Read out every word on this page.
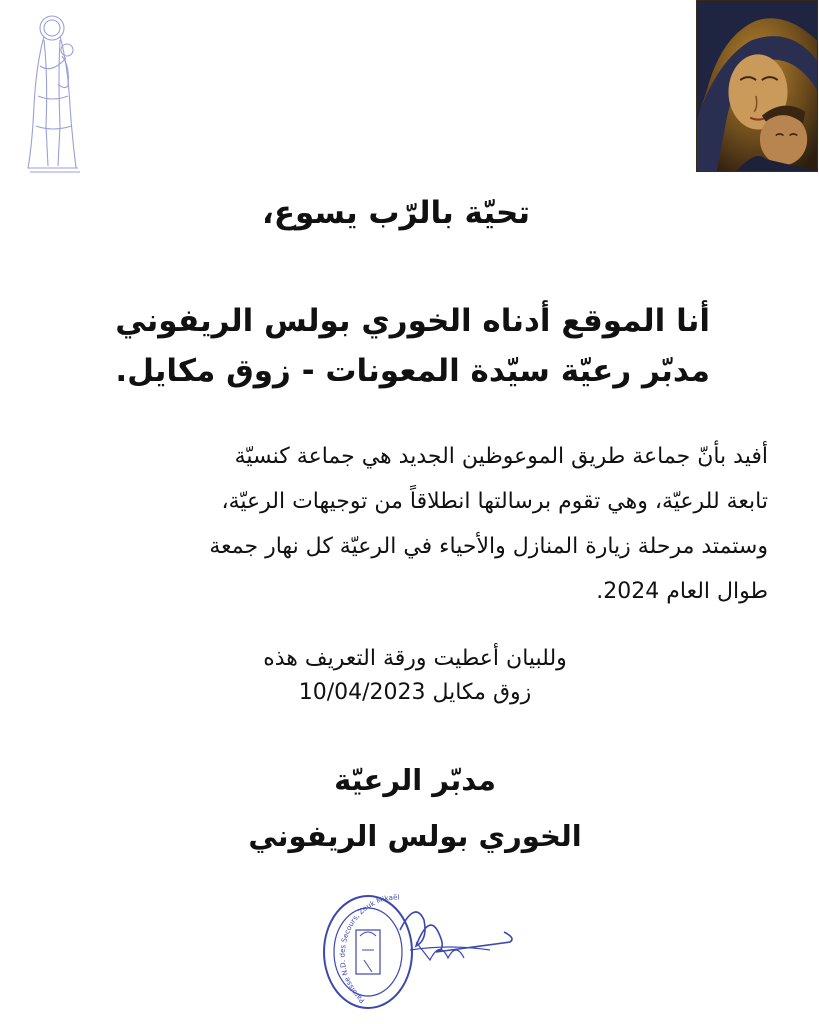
تحيّة بالرّب يسوع،
أنا الموقع أدناه الخوري بولس الريفوني
مدبّر رعيّة سيّدة المعونات - زوق مكايل.
أفيد بأنّ جماعة طريق الموعوظين الجديد هي جماعة كنسيّة
تابعة للرعيّة، وهي تقوم برسالتها انطلاقاً من توجيهات الرعيّة،
وستمتد مرحلة زيارة المنازل والأحياء في الرعيّة كل نهار جمعة
طوال العام 2024.
وللبيان أعطيت ورقة التعريف هذه
زوق مكايل 10/04/2023
مدبّر الرعيّة
الخوري بولس الريفوني
Paroisse N.D. des Secours, Zouk Mikaël
